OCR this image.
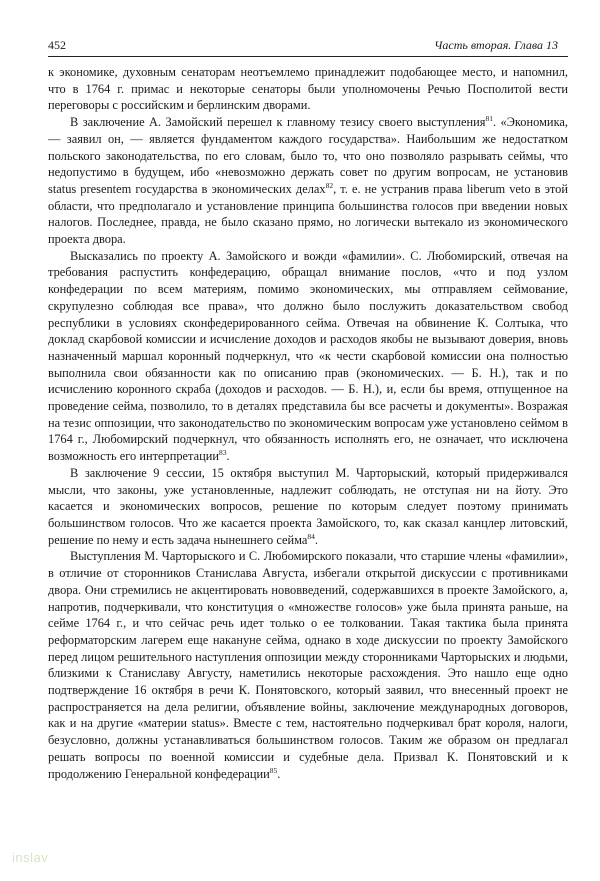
452	Часть вторая. Глава 13

к экономике, духовным сенаторам неотъемлемо принадлежит подобающее место, и напомнил, что в 1764 г. примас и некоторые сенаторы были уполномочены Речью Посполитой вести переговоры с российским и берлинским дворами.

В заключение А. Замойский перешел к главному тезису своего выступления$^{81}$. «Экономика, — заявил он, — является фундаментом каждого государства». Наибольшим же недостатком польского законодательства, по его словам, было то, что оно позволяло разрывать сеймы, что недопустимо в будущем, ибо «невозможно держать совет по другим вопросам, не установив status presentem государства в экономических делах$^{82}$, т. е. не устранив права liberum veto в этой области, что предполагало и установление принципа большинства голосов при введении новых налогов. Последнее, правда, не было сказано прямо, но логически вытекало из экономического проекта двора.

Высказались по проекту А. Замойского и вожди «фамилии». С. Любомирский, отвечая на требования распустить конфедерацию, обращал внимание послов, «что и под узлом конфедерации по всем материям, помимо экономических, мы отправляем сеймование, скрупулезно соблюдая все права», что должно было послужить доказательством свобод республики в условиях сконфедерированного сейма. Отвечая на обвинение К. Солтыка, что доклад скарбовой комиссии и исчисление доходов и расходов якобы не вызывают доверия, вновь назначенный маршал коронный подчеркнул, что «к чести скарбовой комиссии она полностью выполнила свои обязанности как по описанию прав (экономических. — Б. Н.), так и по исчислению коронного скраба (доходов и расходов. — Б. Н.), и, если бы время, отпущенное на проведение сейма, позволило, то в деталях представила бы все расчеты и документы». Возражая на тезис оппозиции, что законодательство по экономическим вопросам уже установлено сеймом в 1764 г., Любомирский подчеркнул, что обязанность исполнять его, не означает, что исключена возможность его интерпретации$^{83}$.

В заключение 9 сессии, 15 октября выступил М. Чарторыский, который придерживался мысли, что законы, уже установленные, надлежит соблюдать, не отступая ни на йоту. Это касается и экономических вопросов, решение по которым следует поэтому принимать большинством голосов. Что же касается проекта Замойского, то, как сказал канцлер литовский, решение по нему и есть задача нынешнего сейма$^{84}$.

Выступления М. Чарторыского и С. Любомирского показали, что старшие члены «фамилии», в отличие от сторонников Станислава Августа, избегали открытой дискуссии с противниками двора. Они стремились не акцентировать нововведений, содержавшихся в проекте Замойского, а, напротив, подчеркивали, что конституция о «множестве голосов» уже была принята раньше, на сейме 1764 г., и что сейчас речь идет только о ее толковании. Такая тактика была принята реформаторским лагерем еще накануне сейма, однако в ходе дискуссии по проекту Замойского перед лицом решительного наступления оппозиции между сторонниками Чарторыских и людьми, близкими к Станиславу Августу, наметились некоторые расхождения. Это нашло еще одно подтверждение 16 октября в речи К. Понятовского, который заявил, что внесенный проект не распространяется на дела религии, объявление войны, заключение международных договоров, как и на другие «материи status». Вместе с тем, настоятельно подчеркивал брат короля, налоги, безусловно, должны устанавливаться большинством голосов. Таким же образом он предлагал решать вопросы по военной комиссии и судебные дела. Призвал К. Понятовский и к продолжению Генеральной конфедерации$^{85}$.

inslav
